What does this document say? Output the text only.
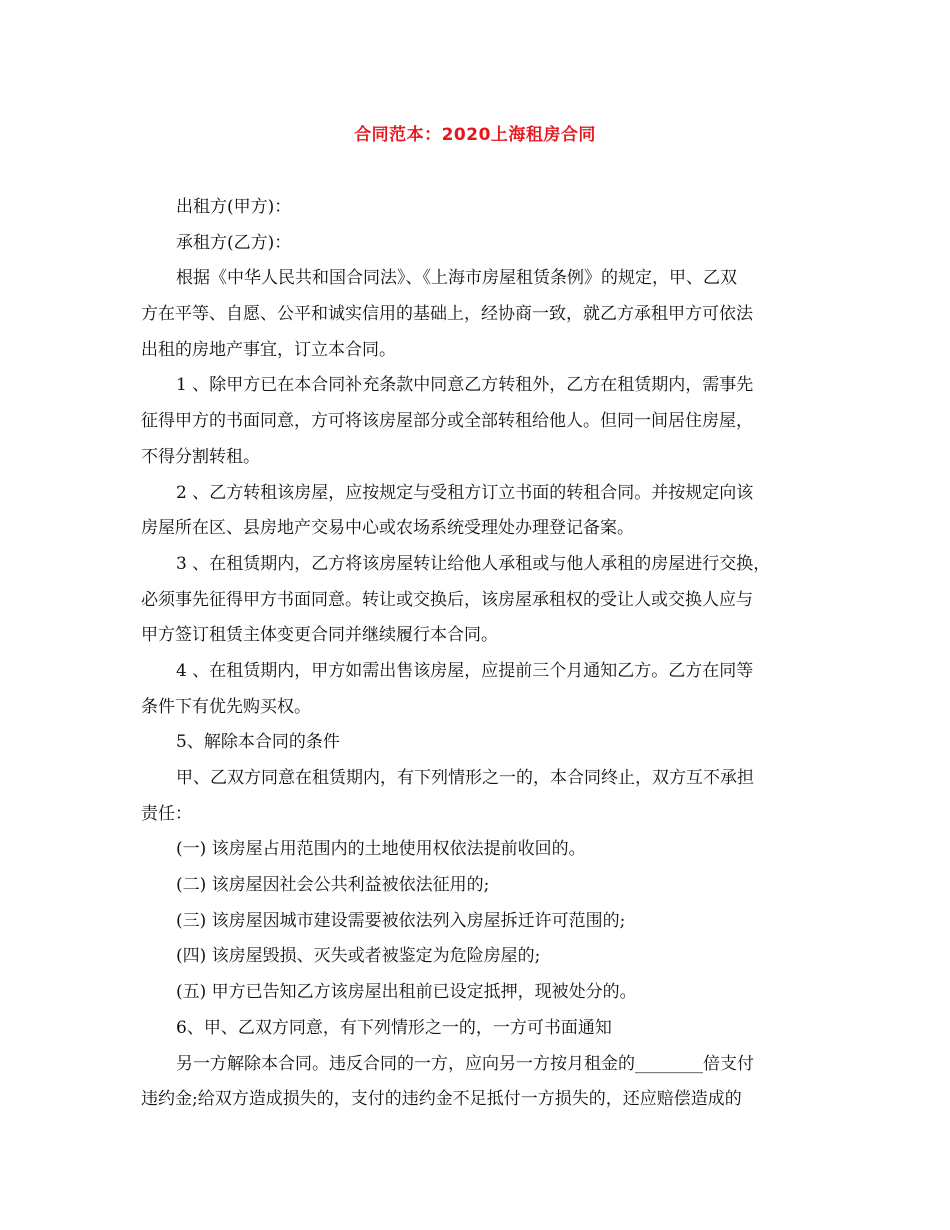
合同范本：2020上海租房合同
出租方(甲方)：
承租方(乙方)：
根据《中华人民共和国合同法》、《上海市房屋租赁条例》的规定，甲、乙双
方在平等、自愿、公平和诚实信用的基础上，经协商一致，就乙方承租甲方可依法
出租的房地产事宜，订立本合同。
1 、除甲方已在本合同补充条款中同意乙方转租外，乙方在租赁期内，需事先
征得甲方的书面同意，方可将该房屋部分或全部转租给他人。但同一间居住房屋，
不得分割转租。
2 、乙方转租该房屋，应按规定与受租方订立书面的转租合同。并按规定向该
房屋所在区、县房地产交易中心或农场系统受理处办理登记备案。
3 、在租赁期内，乙方将该房屋转让给他人承租或与他人承租的房屋进行交换，
必须事先征得甲方书面同意。转让或交换后，该房屋承租权的受让人或交换人应与
甲方签订租赁主体变更合同并继续履行本合同。
4 、在租赁期内，甲方如需出售该房屋，应提前三个月通知乙方。乙方在同等
条件下有优先购买权。
5、解除本合同的条件
甲、乙双方同意在租赁期内，有下列情形之一的，本合同终止，双方互不承担
责任：
(一) 该房屋占用范围内的土地使用权依法提前收回的。
(二) 该房屋因社会公共利益被依法征用的;
(三) 该房屋因城市建设需要被依法列入房屋拆迁许可范围的;
(四) 该房屋毁损、灭失或者被鉴定为危险房屋的;
(五) 甲方已告知乙方该房屋出租前已设定抵押，现被处分的。
6、甲、乙双方同意，有下列情形之一的，一方可书面通知
另一方解除本合同。违反合同的一方，应向另一方按月租金的________倍支付
违约金;给双方造成损失的，支付的违约金不足抵付一方损失的，还应赔偿造成的
